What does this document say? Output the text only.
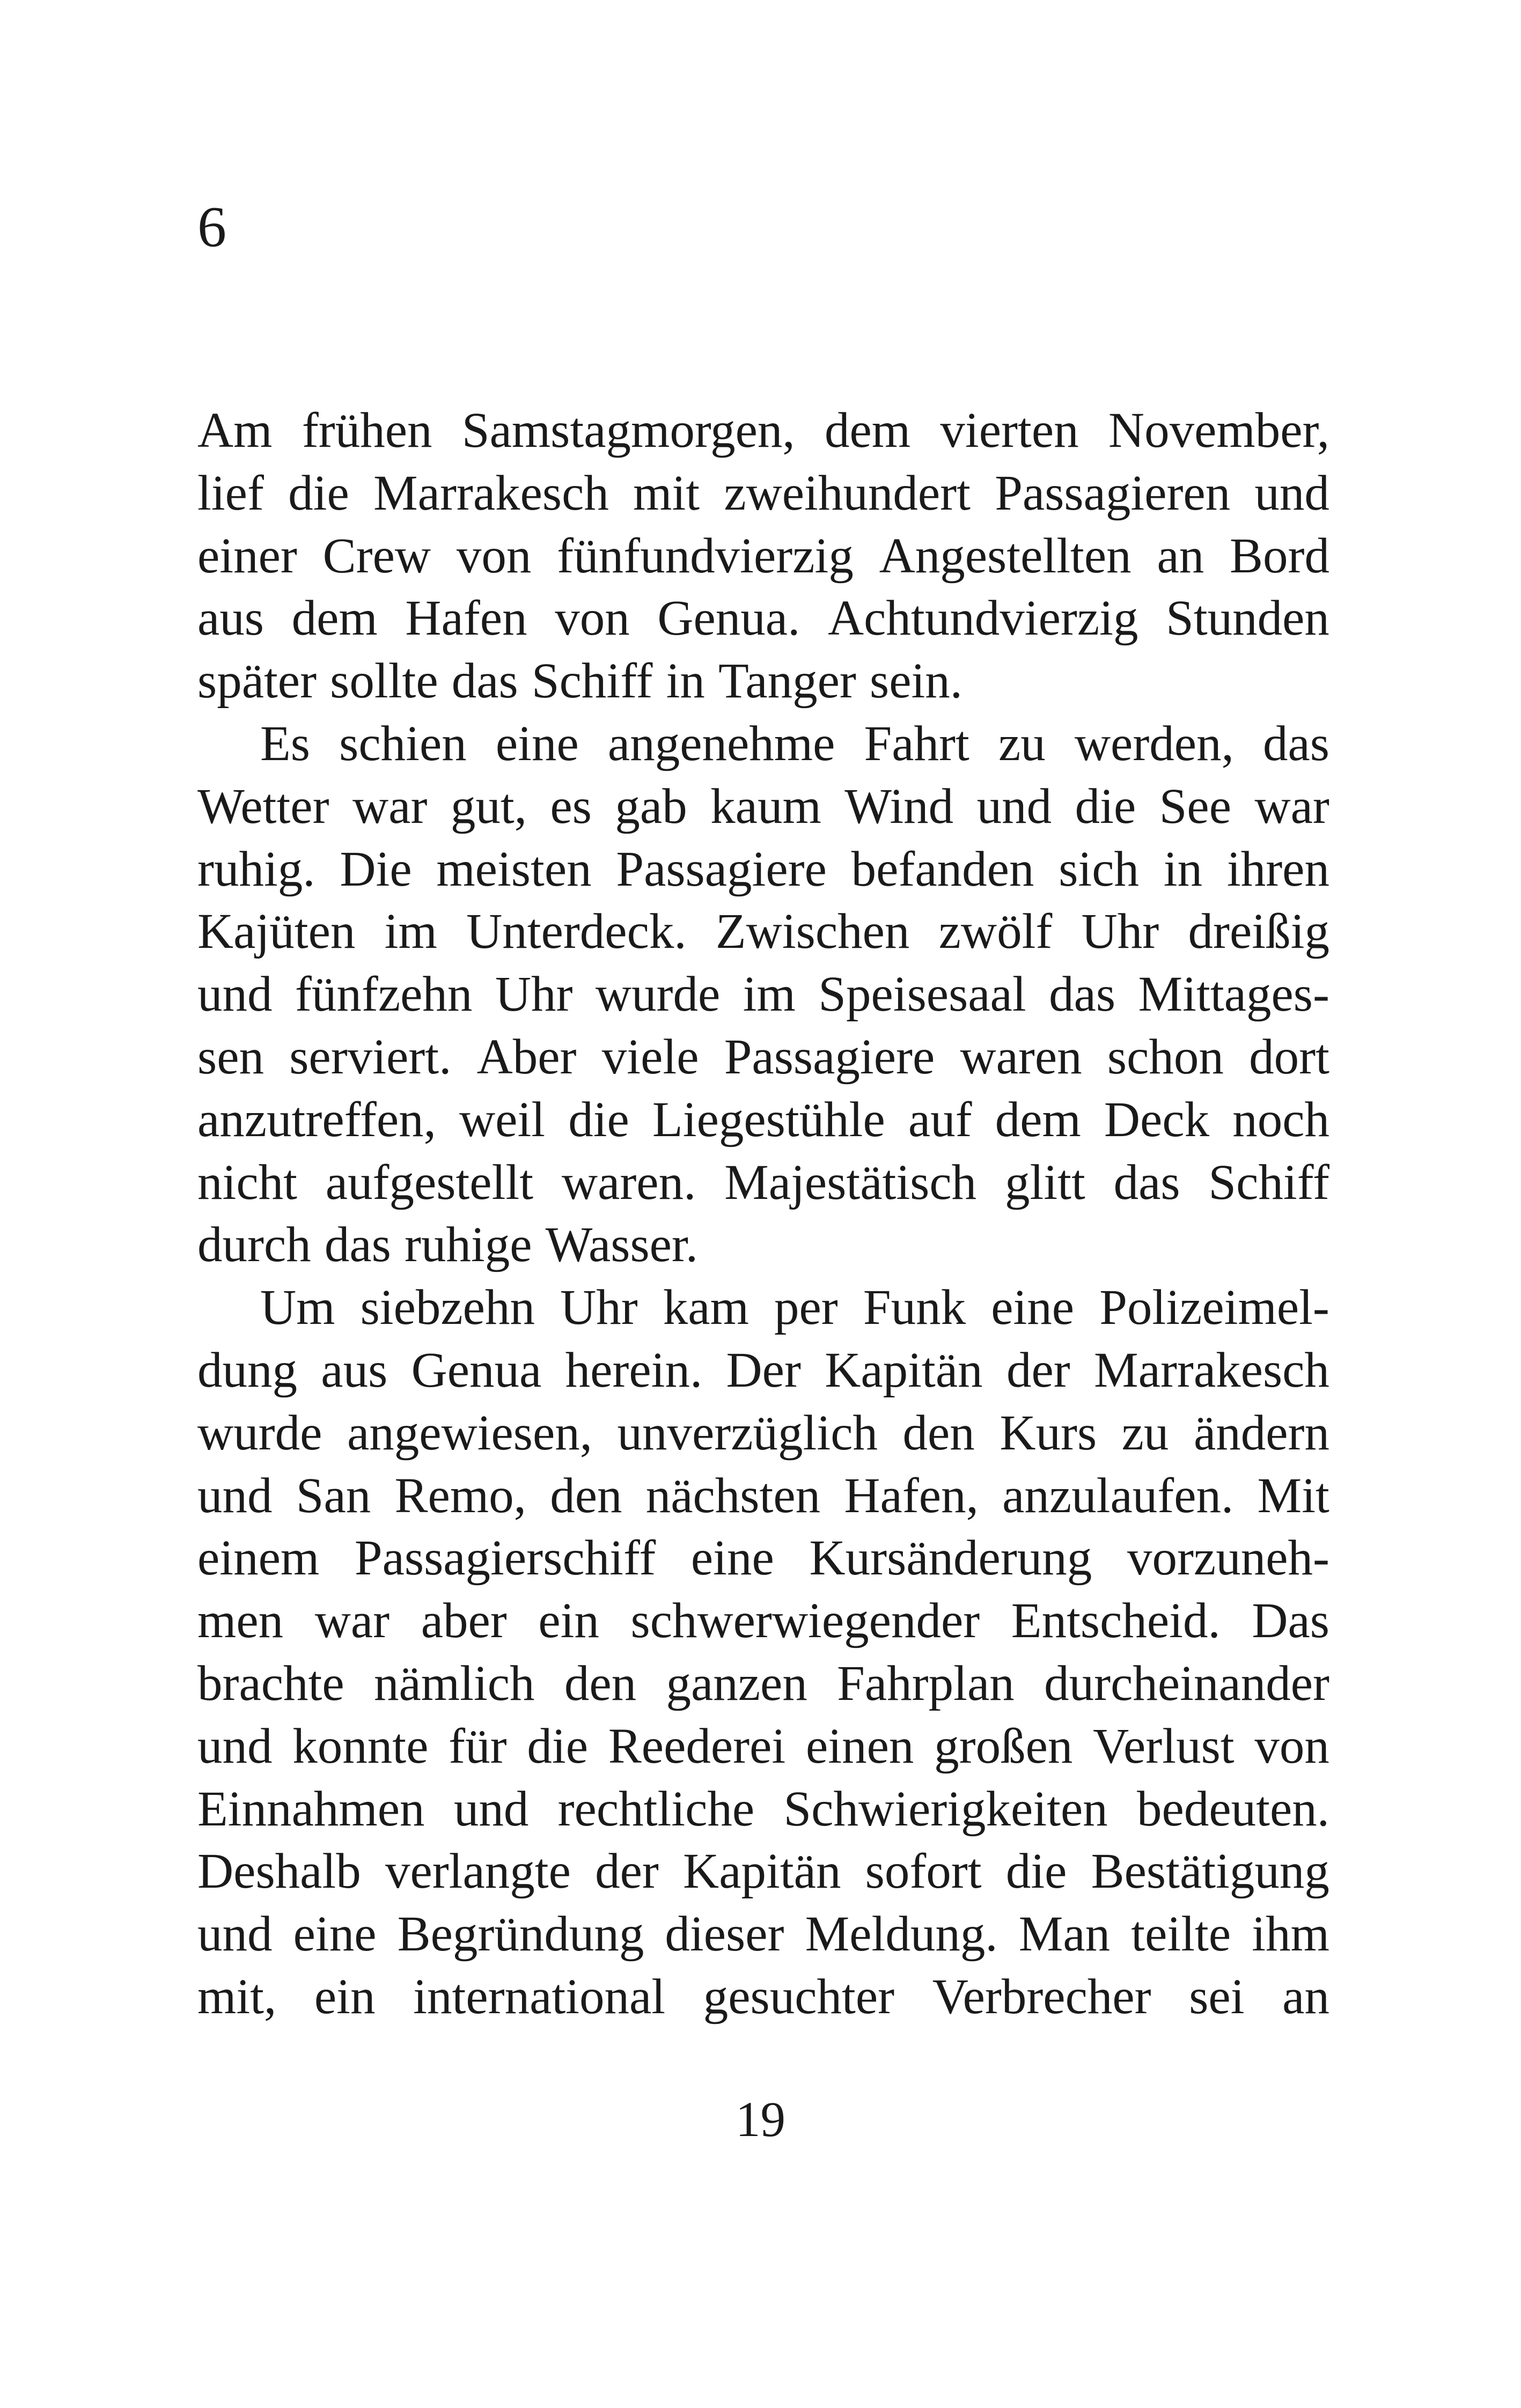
6
Am frühen Samstagmorgen, dem vierten November,
lief die Marrakesch mit zweihundert Passagieren und
einer Crew von fünfundvierzig Angestellten an Bord
aus dem Hafen von Genua. Achtundvierzig Stunden
später sollte das Schiff in Tanger sein.
Es schien eine angenehme Fahrt zu werden, das
Wetter war gut, es gab kaum Wind und die See war
ruhig. Die meisten Passagiere befanden sich in ihren
Kajüten im Unterdeck. Zwischen zwölf Uhr dreißig
und fünfzehn Uhr wurde im Speisesaal das Mittages-
sen serviert. Aber viele Passagiere waren schon dort
anzutreffen, weil die Liegestühle auf dem Deck noch
nicht aufgestellt waren. Majestätisch glitt das Schiff
durch das ruhige Wasser.
Um siebzehn Uhr kam per Funk eine Polizeimel-
dung aus Genua herein. Der Kapitän der Marrakesch
wurde angewiesen, unverzüglich den Kurs zu ändern
und San Remo, den nächsten Hafen, anzulaufen. Mit
einem Passagierschiff eine Kursänderung vorzuneh-
men war aber ein schwerwiegender Entscheid. Das
brachte nämlich den ganzen Fahrplan durcheinander
und konnte für die Reederei einen großen Verlust von
Einnahmen und rechtliche Schwierigkeiten bedeuten.
Deshalb verlangte der Kapitän sofort die Bestätigung
und eine Begründung dieser Meldung. Man teilte ihm
mit, ein international gesuchter Verbrecher sei an
19
